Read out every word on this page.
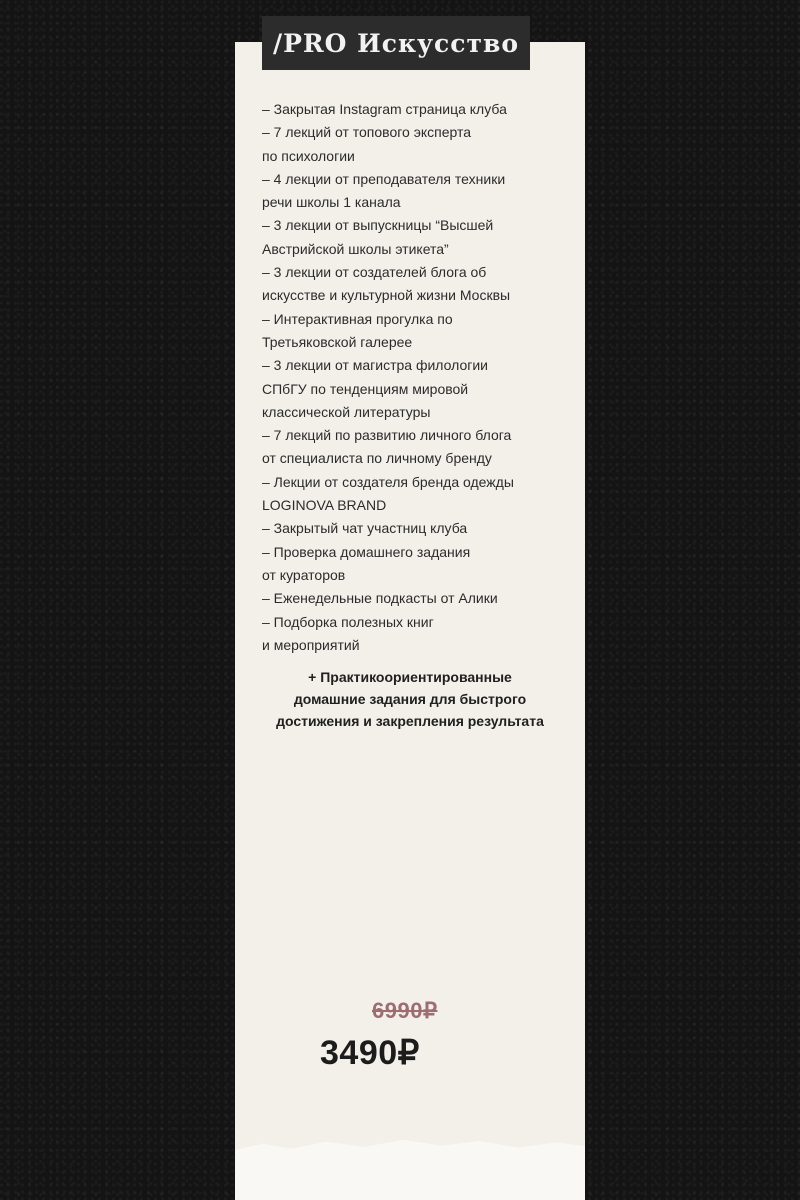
/PRO Искусство
– Закрытая Instagram страница клуба
– 7 лекций от топового эксперта
по психологии
– 4 лекции от преподавателя техники
речи школы 1 канала
– 3 лекции от выпускницы “Высшей
Австрийской школы этикета”
– 3 лекции от создателей блога об
искусстве и культурной жизни Москвы
– Интерактивная прогулка по
Третьяковской галерее
– 3 лекции от магистра филологии
СПбГУ по тенденциям мировой
классической литературы
– 7 лекций по развитию личного блога
от специалиста по личному бренду
– Лекции от создателя бренда одежды
LOGINOVA BRAND
– Закрытый чат участниц клуба
– Проверка домашнего задания
от кураторов
– Еженедельные подкасты от Алики
– Подборка полезных книг
и мероприятий
+ Практикоориентированные
домашние задания для быстрого
достижения и закрепления результата
6990₽
3490₽
